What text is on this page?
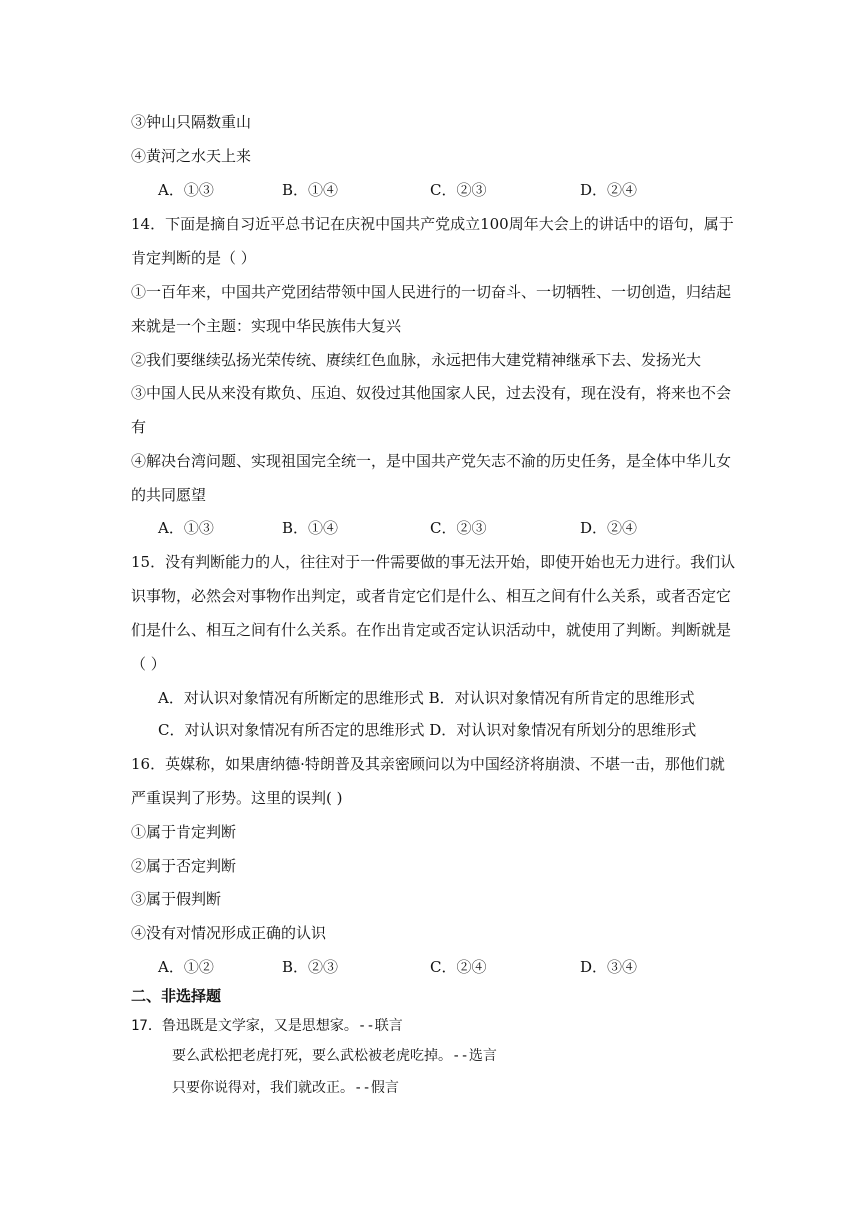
③钟山只隔数重山
④黄河之水天上来
A．①③	B．①④	C．②③	D．②④
14．下面是摘自习近平总书记在庆祝中国共产党成立100周年大会上的讲话中的语句，属于
肯定判断的是（ ）
①一百年来，中国共产党团结带领中国人民进行的一切奋斗、一切牺牲、一切创造，归结起
来就是一个主题：实现中华民族伟大复兴
②我们要继续弘扬光荣传统、赓续红色血脉，永远把伟大建党精神继承下去、发扬光大
③中国人民从来没有欺负、压迫、奴役过其他国家人民，过去没有，现在没有，将来也不会
有
④解决台湾问题、实现祖国完全统一，是中国共产党矢志不渝的历史任务，是全体中华儿女
的共同愿望
A．①③	B．①④	C．②③	D．②④
15．没有判断能力的人，往往对于一件需要做的事无法开始，即使开始也无力进行。我们认
识事物，必然会对事物作出判定，或者肯定它们是什么、相互之间有什么关系，或者否定它
们是什么、相互之间有什么关系。在作出肯定或否定认识活动中，就使用了判断。判断就是
（ ）
A．对认识对象情况有所断定的思维形式 B．对认识对象情况有所肯定的思维形式
C．对认识对象情况有所否定的思维形式 D．对认识对象情况有所划分的思维形式
16．英媒称，如果唐纳德·特朗普及其亲密顾问以为中国经济将崩溃、不堪一击，那他们就
严重误判了形势。这里的误判( )
①属于肯定判断
②属于否定判断
③属于假判断
④没有对情况形成正确的认识
A．①②	B．②③	C．②④	D．③④
二、非选择题
17．鲁迅既是文学家，又是思想家。--联言
要么武松把老虎打死，要么武松被老虎吃掉。--选言
只要你说得对，我们就改正。--假言
